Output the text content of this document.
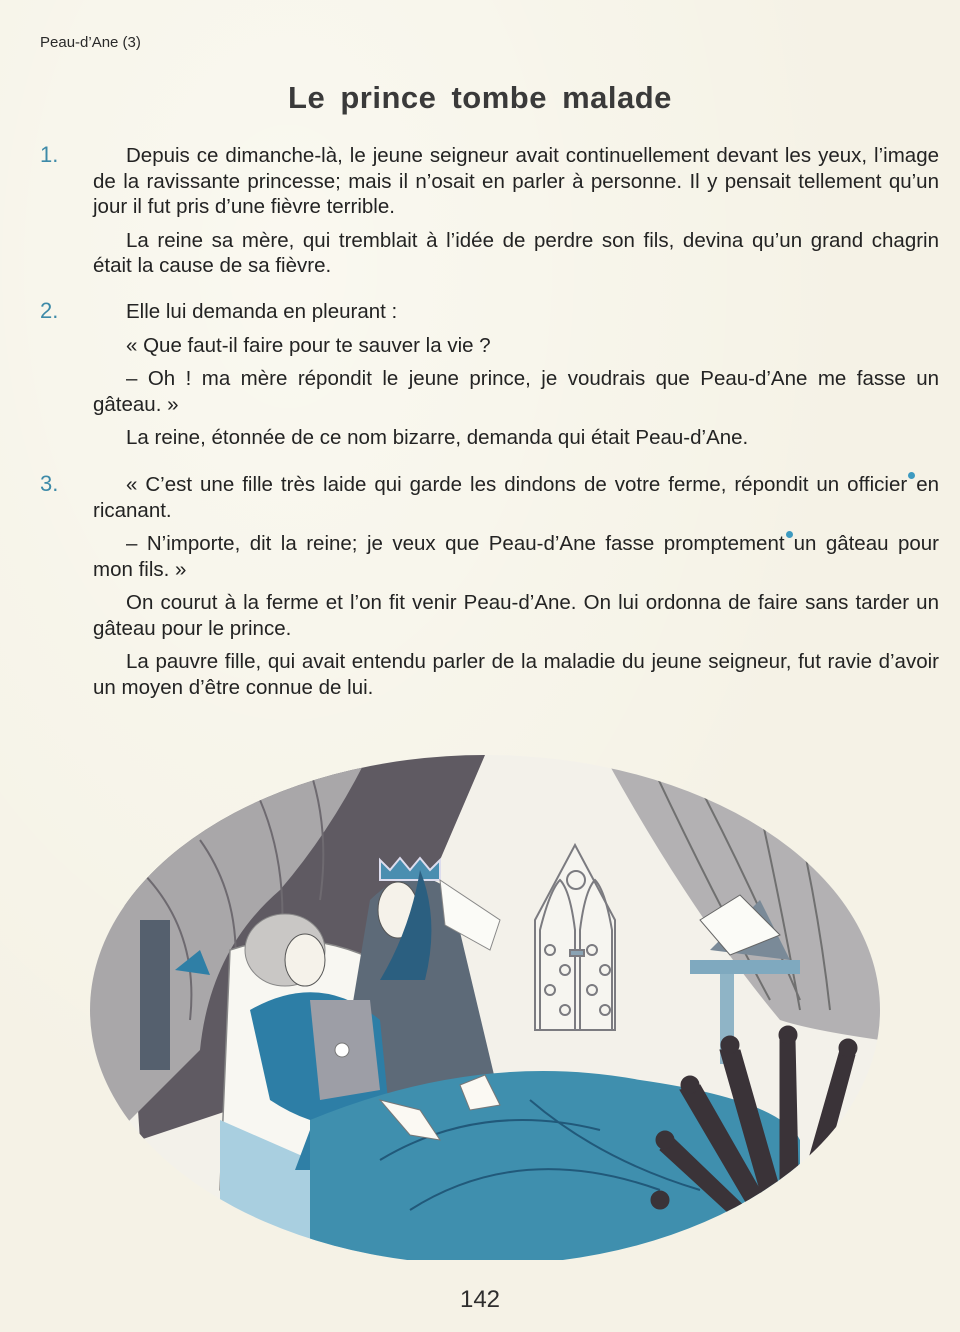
Peau-d’Ane (3)
Le prince tombe malade
1.	Depuis ce dimanche-là, le jeune seigneur avait continuellement devant les yeux, l’image de la ravissante princesse; mais il n’osait en parler à personne. Il y pensait tellement qu’un jour il fut pris d’une fièvre terrible.

La reine sa mère, qui tremblait à l’idée de perdre son fils, devina qu’un grand chagrin était la cause de sa fièvre.

2.	Elle lui demanda en pleurant :

« Que faut-il faire pour te sauver la vie ?

– Oh ! ma mère répondit le jeune prince, je voudrais que Peau-d’Ane me fasse un gâteau. »

La reine, étonnée de ce nom bizarre, demanda qui était Peau-d’Ane.

3.	« C’est une fille très laide qui garde les dindons de votre ferme, répondit un officier en ricanant.

– N’importe, dit la reine; je veux que Peau-d’Ane fasse promptement un gâteau pour mon fils. »

On courut à la ferme et l’on fit venir Peau-d’Ane. On lui ordonna de faire sans tarder un gâteau pour le prince.

La pauvre fille, qui avait entendu parler de la maladie du jeune seigneur, fut ravie d’avoir un moyen d’être connue de lui.

142
